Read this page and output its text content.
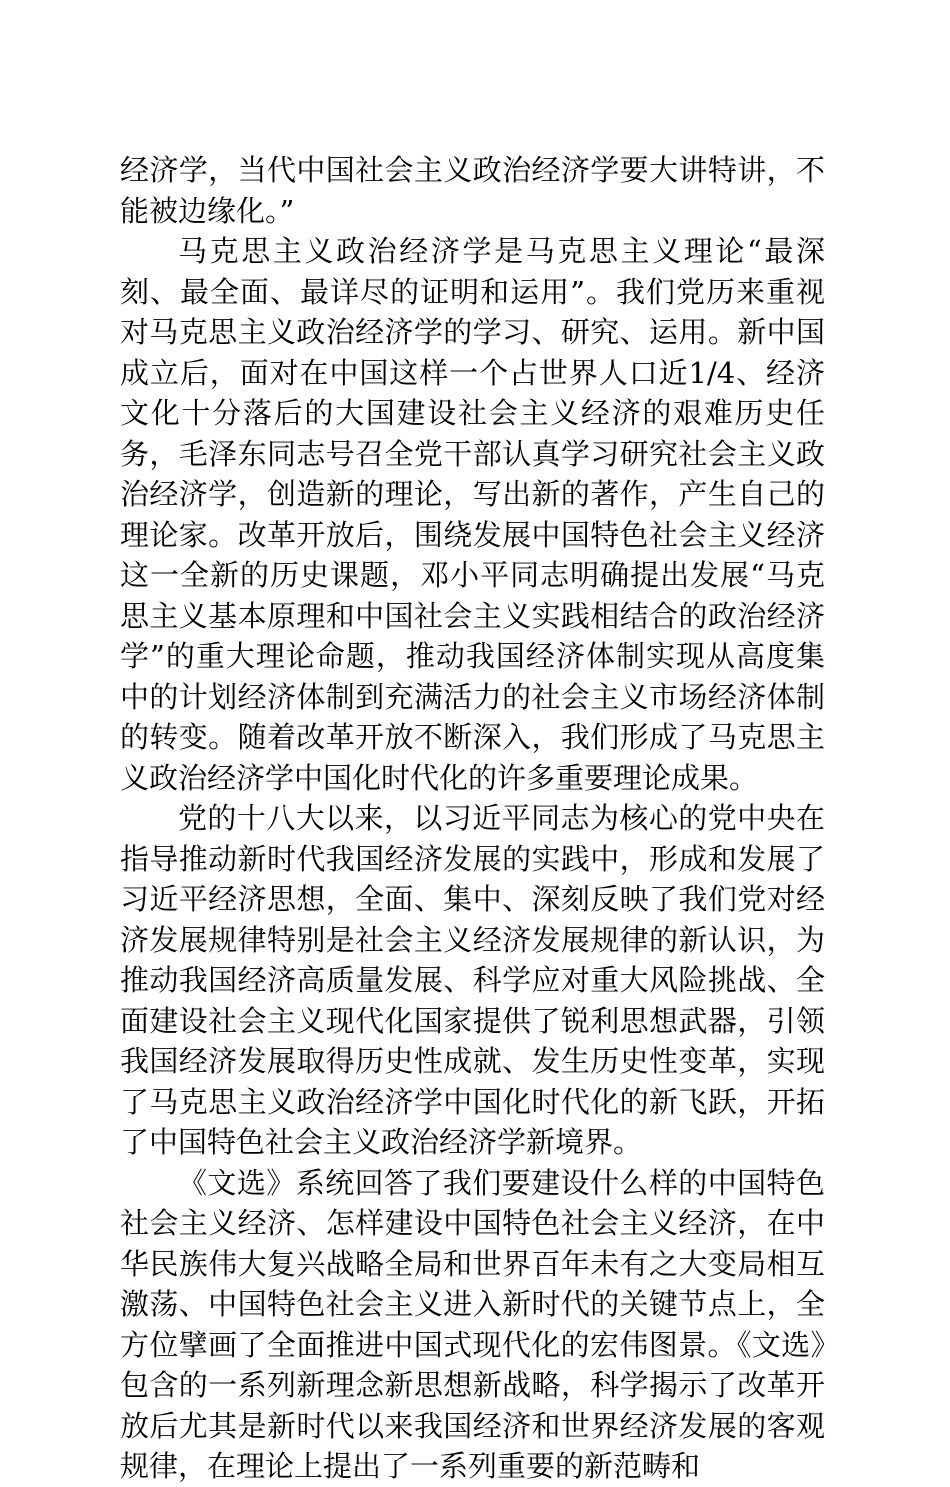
经济学，当代中国社会主义政治经济学要大讲特讲，不能被边缘化。”

马克思主义政治经济学是马克思主义理论“最深刻、最全面、最详尽的证明和运用”。我们党历来重视对马克思主义政治经济学的学习、研究、运用。新中国成立后，面对在中国这样一个占世界人口近1/4、经济文化十分落后的大国建设社会主义经济的艰难历史任务，毛泽东同志号召全党干部认真学习研究社会主义政治经济学，创造新的理论，写出新的著作，产生自己的理论家。改革开放后，围绕发展中国特色社会主义经济这一全新的历史课题，邓小平同志明确提出发展“马克思主义基本原理和中国社会主义实践相结合的政治经济学”的重大理论命题，推动我国经济体制实现从高度集中的计划经济体制到充满活力的社会主义市场经济体制的转变。随着改革开放不断深入，我们形成了马克思主义政治经济学中国化时代化的许多重要理论成果。

党的十八大以来，以习近平同志为核心的党中央在指导推动新时代我国经济发展的实践中，形成和发展了习近平经济思想，全面、集中、深刻反映了我们党对经济发展规律特别是社会主义经济发展规律的新认识，为推动我国经济高质量发展、科学应对重大风险挑战、全面建设社会主义现代化国家提供了锐利思想武器，引领我国经济发展取得历史性成就、发生历史性变革，实现了马克思主义政治经济学中国化时代化的新飞跃，开拓了中国特色社会主义政治经济学新境界。

《文选》系统回答了我们要建设什么样的中国特色社会主义经济、怎样建设中国特色社会主义经济，在中华民族伟大复兴战略全局和世界百年未有之大变局相互激荡、中国特色社会主义进入新时代的关键节点上，全方位擘画了全面推进中国式现代化的宏伟图景。《文选》包含的一系列新理念新思想新战略，科学揭示了改革开放后尤其是新时代以来我国经济和世界经济发展的客观规律，在理论上提出了一系列重要的新范畴和
